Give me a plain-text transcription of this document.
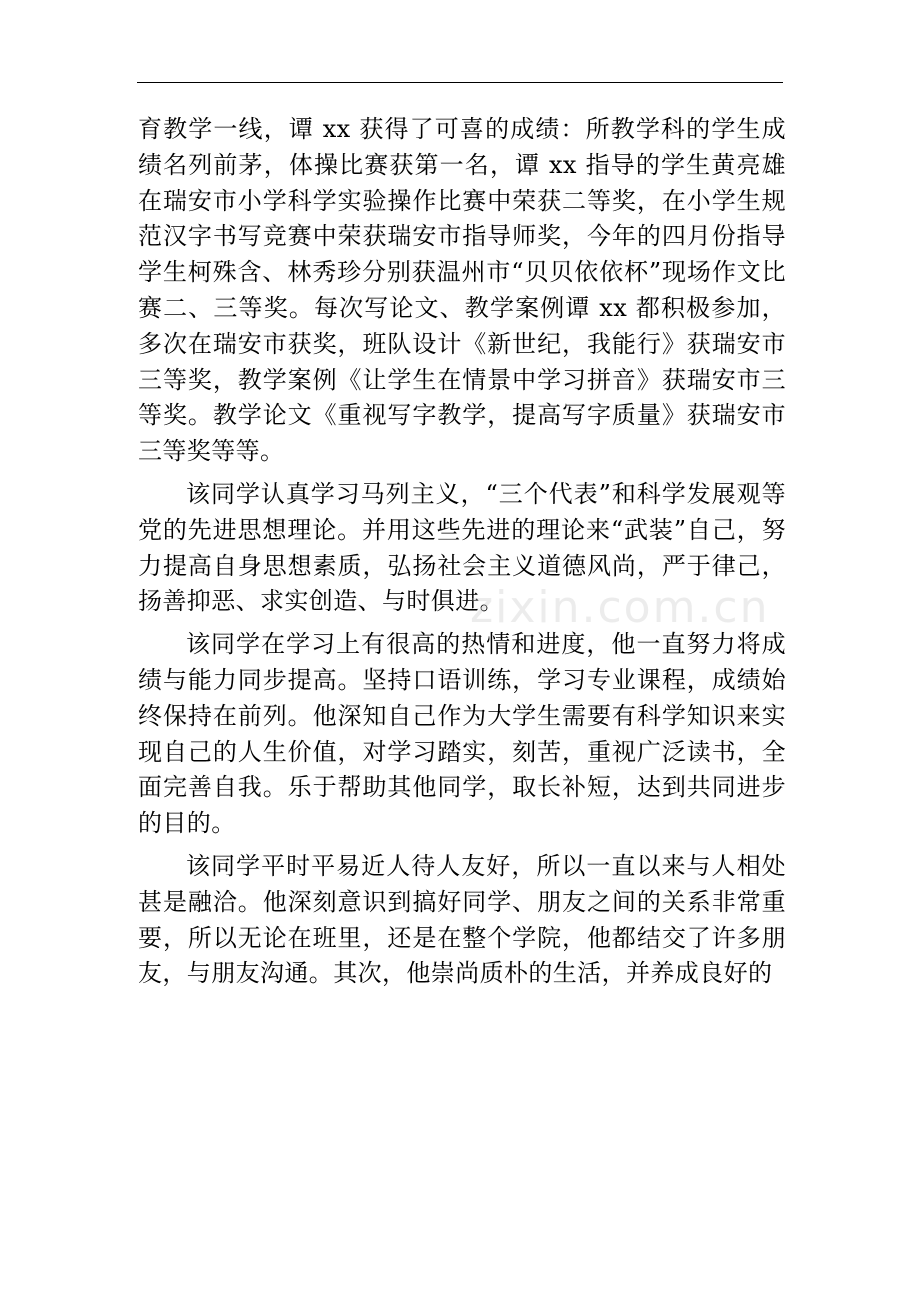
育教学一线，谭 xx 获得了可喜的成绩：所教学科的学生成绩名列前茅，体操比赛获第一名，谭 xx 指导的学生黄亮雄在瑞安市小学科学实验操作比赛中荣获二等奖，在小学生规范汉字书写竞赛中荣获瑞安市指导师奖，今年的四月份指导学生柯殊含、林秀珍分别获温州市“贝贝依依杯”现场作文比赛二、三等奖。每次写论文、教学案例谭 xx 都积极参加，多次在瑞安市获奖，班队设计《新世纪，我能行》获瑞安市三等奖，教学案例《让学生在情景中学习拼音》获瑞安市三等奖。教学论文《重视写字教学，提高写字质量》获瑞安市三等奖等等。

该同学认真学习马列主义，“三个代表”和科学发展观等党的先进思想理论。并用这些先进的理论来“武装”自己，努力提高自身思想素质，弘扬社会主义道德风尚，严于律己，扬善抑恶、求实创造、与时俱进。

该同学在学习上有很高的热情和进度，他一直努力将成绩与能力同步提高。坚持口语训练，学习专业课程，成绩始终保持在前列。他深知自己作为大学生需要有科学知识来实现自己的人生价值，对学习踏实，刻苦，重视广泛读书，全面完善自我。乐于帮助其他同学，取长补短，达到共同进步的目的。

该同学平时平易近人待人友好，所以一直以来与人相处甚是融洽。他深刻意识到搞好同学、朋友之间的关系非常重要，所以无论在班里，还是在整个学院，他都结交了许多朋友，与朋友沟通。其次，他崇尚质朴的生活，并养成良好的

zixin.com.cn
